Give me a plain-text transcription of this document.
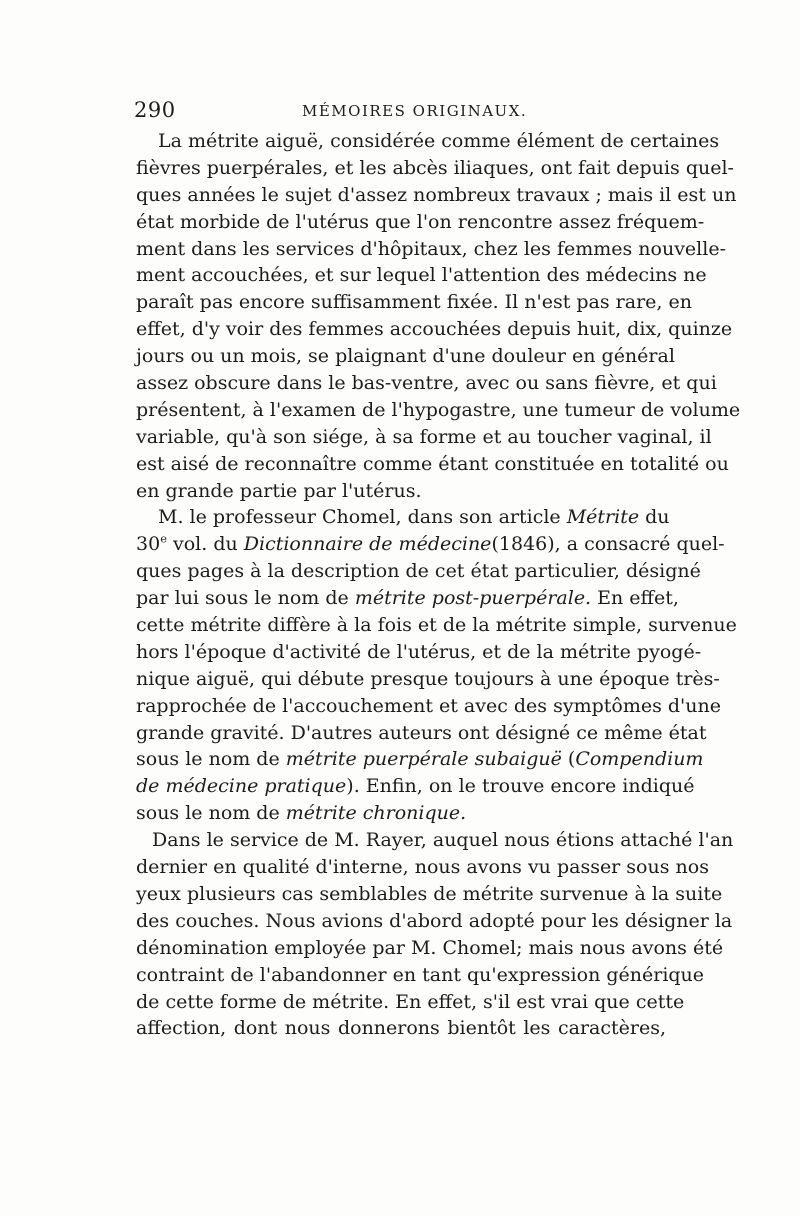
290	MÉMOIRES ORIGINAUX.
La métrite aiguë, considérée comme élément de certaines
fièvres puerpérales, et les abcès iliaques, ont fait depuis quel-
ques années le sujet d'assez nombreux travaux ; mais il est un
état morbide de l'utérus que l'on rencontre assez fréquem-
ment dans les services d'hôpitaux, chez les femmes nouvelle-
ment accouchées, et sur lequel l'attention des médecins ne
paraît pas encore suffisamment fixée. Il n'est pas rare, en
effet, d'y voir des femmes accouchées depuis huit, dix, quinze
jours ou un mois, se plaignant d'une douleur en général
assez obscure dans le bas-ventre, avec ou sans fièvre, et qui
présentent, à l'examen de l'hypogastre, une tumeur de volume
variable, qu'à son siége, à sa forme et au toucher vaginal, il
est aisé de reconnaître comme étant constituée en totalité ou
en grande partie par l'utérus.
M. le professeur Chomel, dans son article Métrite du
30e vol. du Dictionnaire de médecine(1846), a consacré quel-
ques pages à la description de cet état particulier, désigné
par lui sous le nom de métrite post-puerpérale. En effet,
cette métrite diffère à la fois et de la métrite simple, survenue
hors l'époque d'activité de l'utérus, et de la métrite pyogé-
nique aiguë, qui débute presque toujours à une époque très-
rapprochée de l'accouchement et avec des symptômes d'une
grande gravité. D'autres auteurs ont désigné ce même état
sous le nom de métrite puerpérale subaiguë (Compendium
de médecine pratique). Enfin, on le trouve encore indiqué
sous le nom de métrite chronique.
Dans le service de M. Rayer, auquel nous étions attaché l'an
dernier en qualité d'interne, nous avons vu passer sous nos
yeux plusieurs cas semblables de métrite survenue à la suite
des couches. Nous avions d'abord adopté pour les désigner la
dénomination employée par M. Chomel; mais nous avons été
contraint de l'abandonner en tant qu'expression générique
de cette forme de métrite. En effet, s'il est vrai que cette
affection, dont nous donnerons bientôt les caractères,
